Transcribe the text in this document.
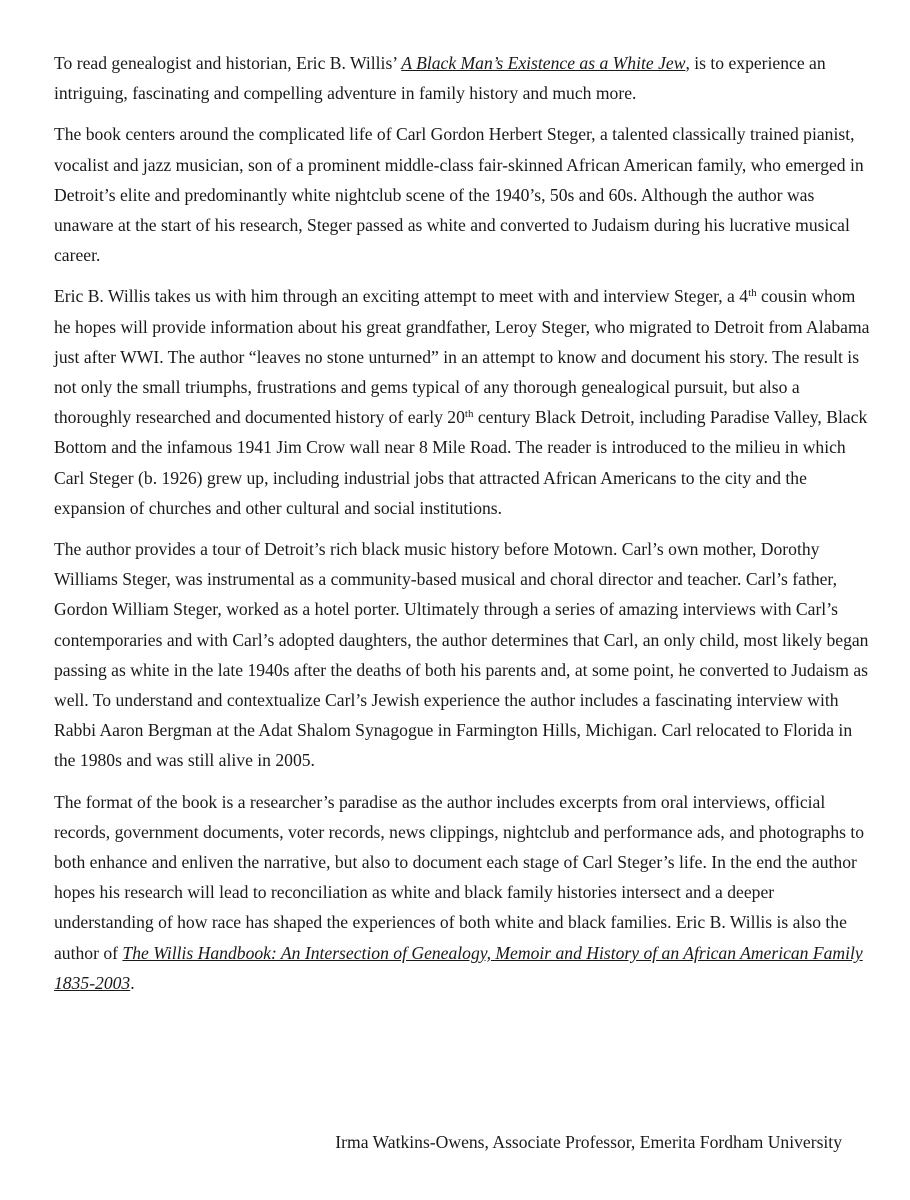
To read genealogist and historian, Eric B. Willis’ A Black Man’s Existence as a White Jew, is to experience an intriguing, fascinating and compelling adventure in family history and much more.

The book centers around the complicated life of Carl Gordon Herbert Steger, a talented classically trained pianist, vocalist and jazz musician, son of a prominent middle-class fair-skinned African American family, who emerged in Detroit’s elite and predominantly white nightclub scene of the 1940’s, 50s and 60s. Although the author was unaware at the start of his research, Steger passed as white and converted to Judaism during his lucrative musical career.

Eric B. Willis takes us with him through an exciting attempt to meet with and interview Steger, a 4th cousin whom he hopes will provide information about his great grandfather, Leroy Steger, who migrated to Detroit from Alabama just after WWI. The author “leaves no stone unturned” in an attempt to know and document his story. The result is not only the small triumphs, frustrations and gems typical of any thorough genealogical pursuit, but also a thoroughly researched and documented history of early 20th century Black Detroit, including Paradise Valley, Black Bottom and the infamous 1941 Jim Crow wall near 8 Mile Road. The reader is introduced to the milieu in which Carl Steger (b. 1926) grew up, including industrial jobs that attracted African Americans to the city and the expansion of churches and other cultural and social institutions.

The author provides a tour of Detroit’s rich black music history before Motown. Carl’s own mother, Dorothy Williams Steger, was instrumental as a community-based musical and choral director and teacher. Carl’s father, Gordon William Steger, worked as a hotel porter. Ultimately through a series of amazing interviews with Carl’s contemporaries and with Carl’s adopted daughters, the author determines that Carl, an only child, most likely began passing as white in the late 1940s after the deaths of both his parents and, at some point, he converted to Judaism as well. To understand and contextualize Carl’s Jewish experience the author includes a fascinating interview with Rabbi Aaron Bergman at the Adat Shalom Synagogue in Farmington Hills, Michigan. Carl relocated to Florida in the 1980s and was still alive in 2005.

The format of the book is a researcher’s paradise as the author includes excerpts from oral interviews, official records, government documents, voter records, news clippings, nightclub and performance ads, and photographs to both enhance and enliven the narrative, but also to document each stage of Carl Steger’s life. In the end the author hopes his research will lead to reconciliation as white and black family histories intersect and a deeper understanding of how race has shaped the experiences of both white and black families. Eric B. Willis is also the author of The Willis Handbook: An Intersection of Genealogy, Memoir and History of an African American Family 1835-2003.

Irma Watkins-Owens, Associate Professor, Emerita Fordham University
